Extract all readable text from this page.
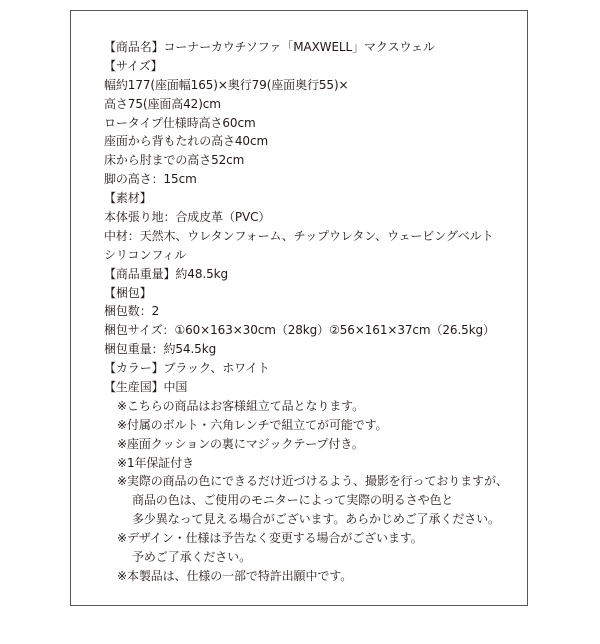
【商品名】コーナーカウチソファ「MAXWELL」マクスウェル
【サイズ】
幅約177(座面幅165)×奥行79(座面奥行55)×
高さ75(座面高42)cm
ロータイプ仕様時高さ60cm
座面から背もたれの高さ40cm
床から肘までの高さ52cm
脚の高さ：15cm
【素材】
本体張り地：合成皮革（PVC）
中材：天然木、ウレタンフォーム、チップウレタン、ウェービングベルト
シリコンフィル
【商品重量】約48.5kg
【梱包】
梱包数：2
梱包サイズ：①60×163×30cm（28kg）②56×161×37cm（26.5kg）
梱包重量：約54.5kg
【カラー】ブラック、ホワイト
【生産国】中国
※こちらの商品はお客様組立て品となります。
※付属のボルト・六角レンチで組立てが可能です。
※座面クッションの裏にマジックテープ付き。
※1年保証付き
※実際の商品の色にできるだけ近づけるよう、撮影を行っておりますが、
商品の色は、ご使用のモニターによって実際の明るさや色と
多少異なって見える場合がございます。あらかじめご了承ください。
※デザイン・仕様は予告なく変更する場合がございます。
予めご了承ください。
※本製品は、仕様の一部で特許出願中です。
